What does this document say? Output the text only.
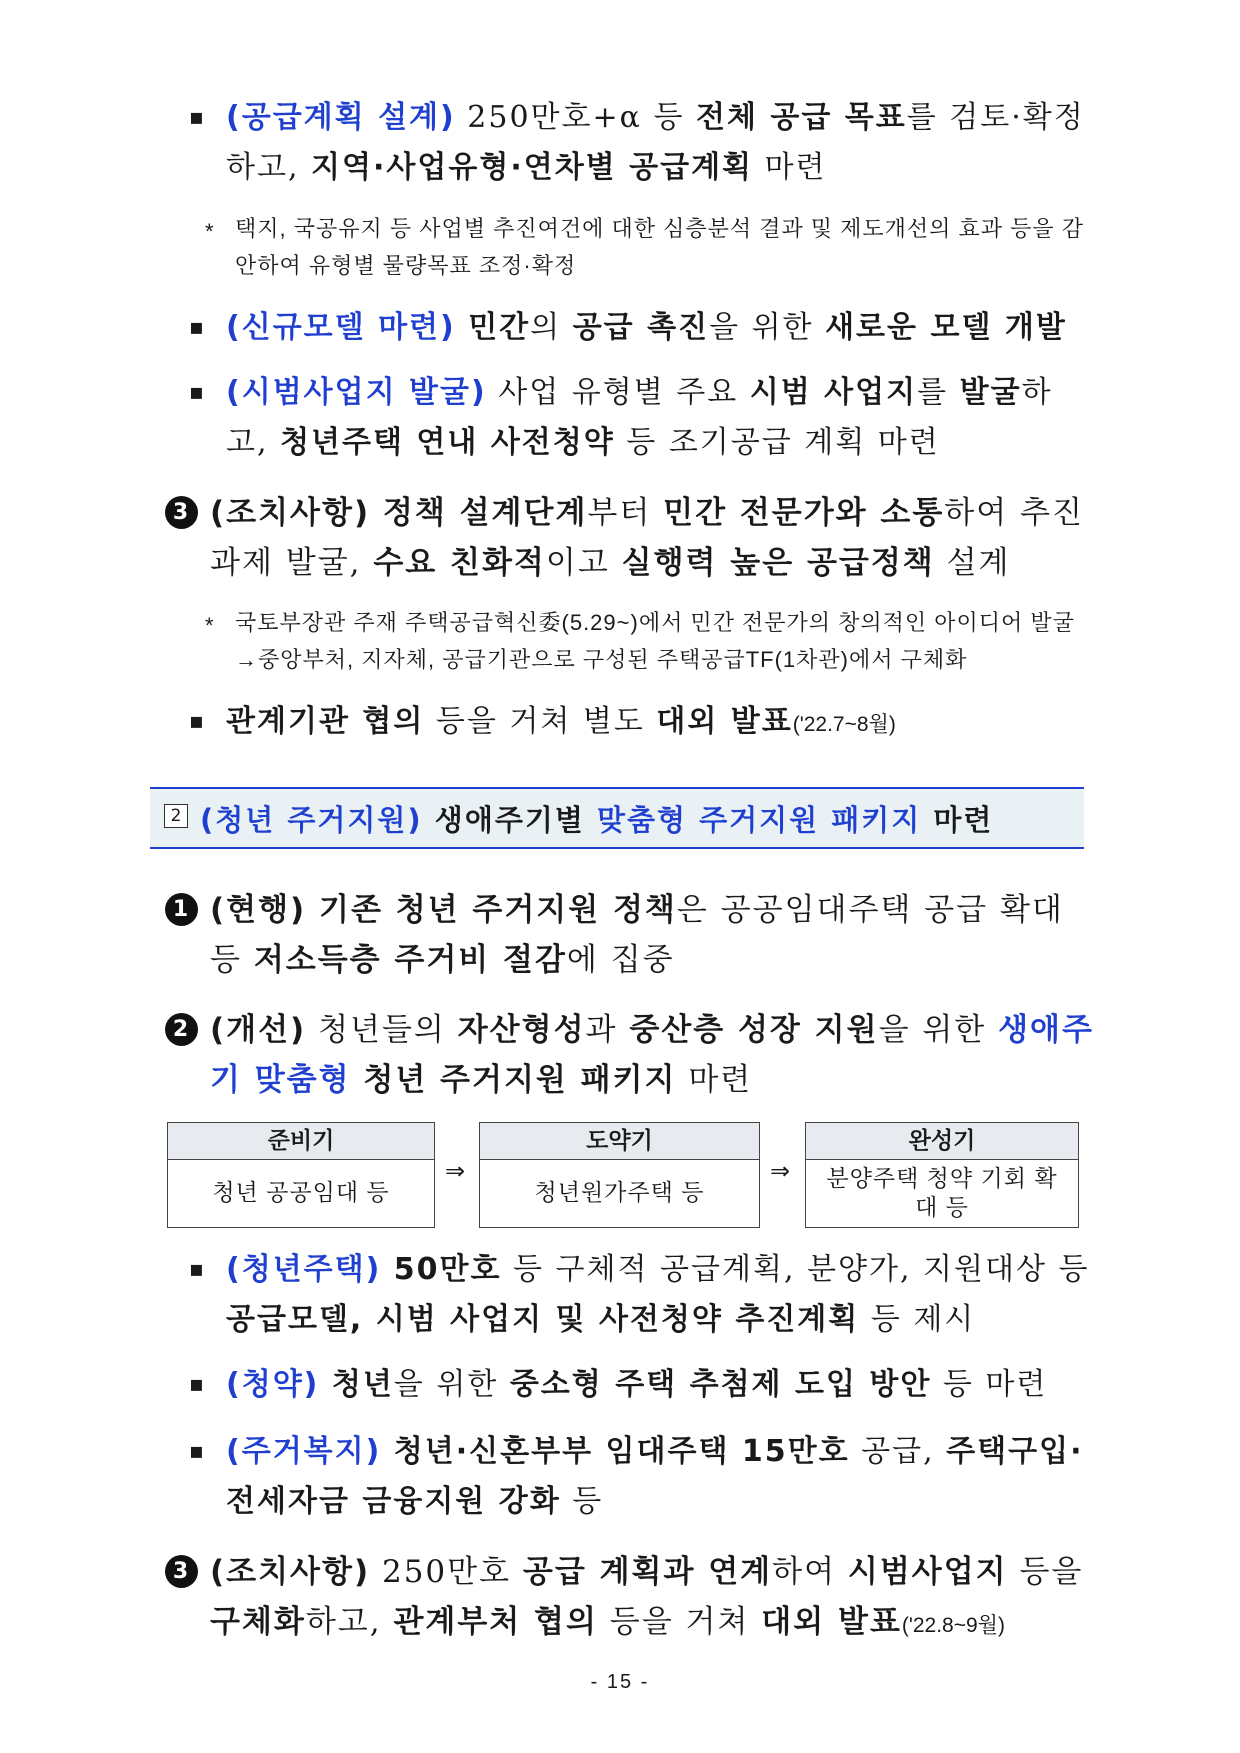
▪ (공급계획 설계) 250만호+α 등 전체 공급 목표를 검토·확정 하고, 지역·사업유형·연차별 공급계획 마련
* 택지, 국공유지 등 사업별 추진여건에 대한 심층분석 결과 및 제도개선의 효과 등을 감안하여 유형별 물량목표 조정·확정
▪ (신규모델 마련) 민간의 공급 촉진을 위한 새로운 모델 개발
▪ (시범사업지 발굴) 사업 유형별 주요 시범 사업지를 발굴하고, 청년주택 연내 사전청약 등 조기공급 계획 마련
3 (조치사항) 정책 설계단계부터 민간 전문가와 소통하여 추진 과제 발굴, 수요 친화적이고 실행력 높은 공급정책 설계
* 국토부장관 주재 주택공급혁신委(5.29~)에서 민간 전문가의 창의적인 아이디어 발굴→중앙부처, 지자체, 공급기관으로 구성된 주택공급TF(1차관)에서 구체화
▪ 관계기관 협의 등을 거쳐 별도 대외 발표('22.7~8월)
2 (청년 주거지원) 생애주기별 맞춤형 주거지원 패키지 마련
1 (현행) 기존 청년 주거지원 정책은 공공임대주택 공급 확대 등 저소득층 주거비 절감에 집중
2 (개선) 청년들의 자산형성과 중산층 성장 지원을 위한 생애주기 맞춤형 청년 주거지원 패키지 마련
준비기
청년 공공임대 등
⇒
도약기
청년원가주택 등
⇒
완성기
분양주택 청약 기회 확대 등
▪ (청년주택) 50만호 등 구체적 공급계획, 분양가, 지원대상 등 공급모델, 시범 사업지 및 사전청약 추진계획 등 제시
▪ (청약) 청년을 위한 중소형 주택 추첨제 도입 방안 등 마련
▪ (주거복지) 청년·신혼부부 임대주택 15만호 공급, 주택구입· 전세자금 금융지원 강화 등
3 (조치사항) 250만호 공급 계획과 연계하여 시범사업지 등을 구체화하고, 관계부처 협의 등을 거쳐 대외 발표('22.8~9월)
- 15 -
